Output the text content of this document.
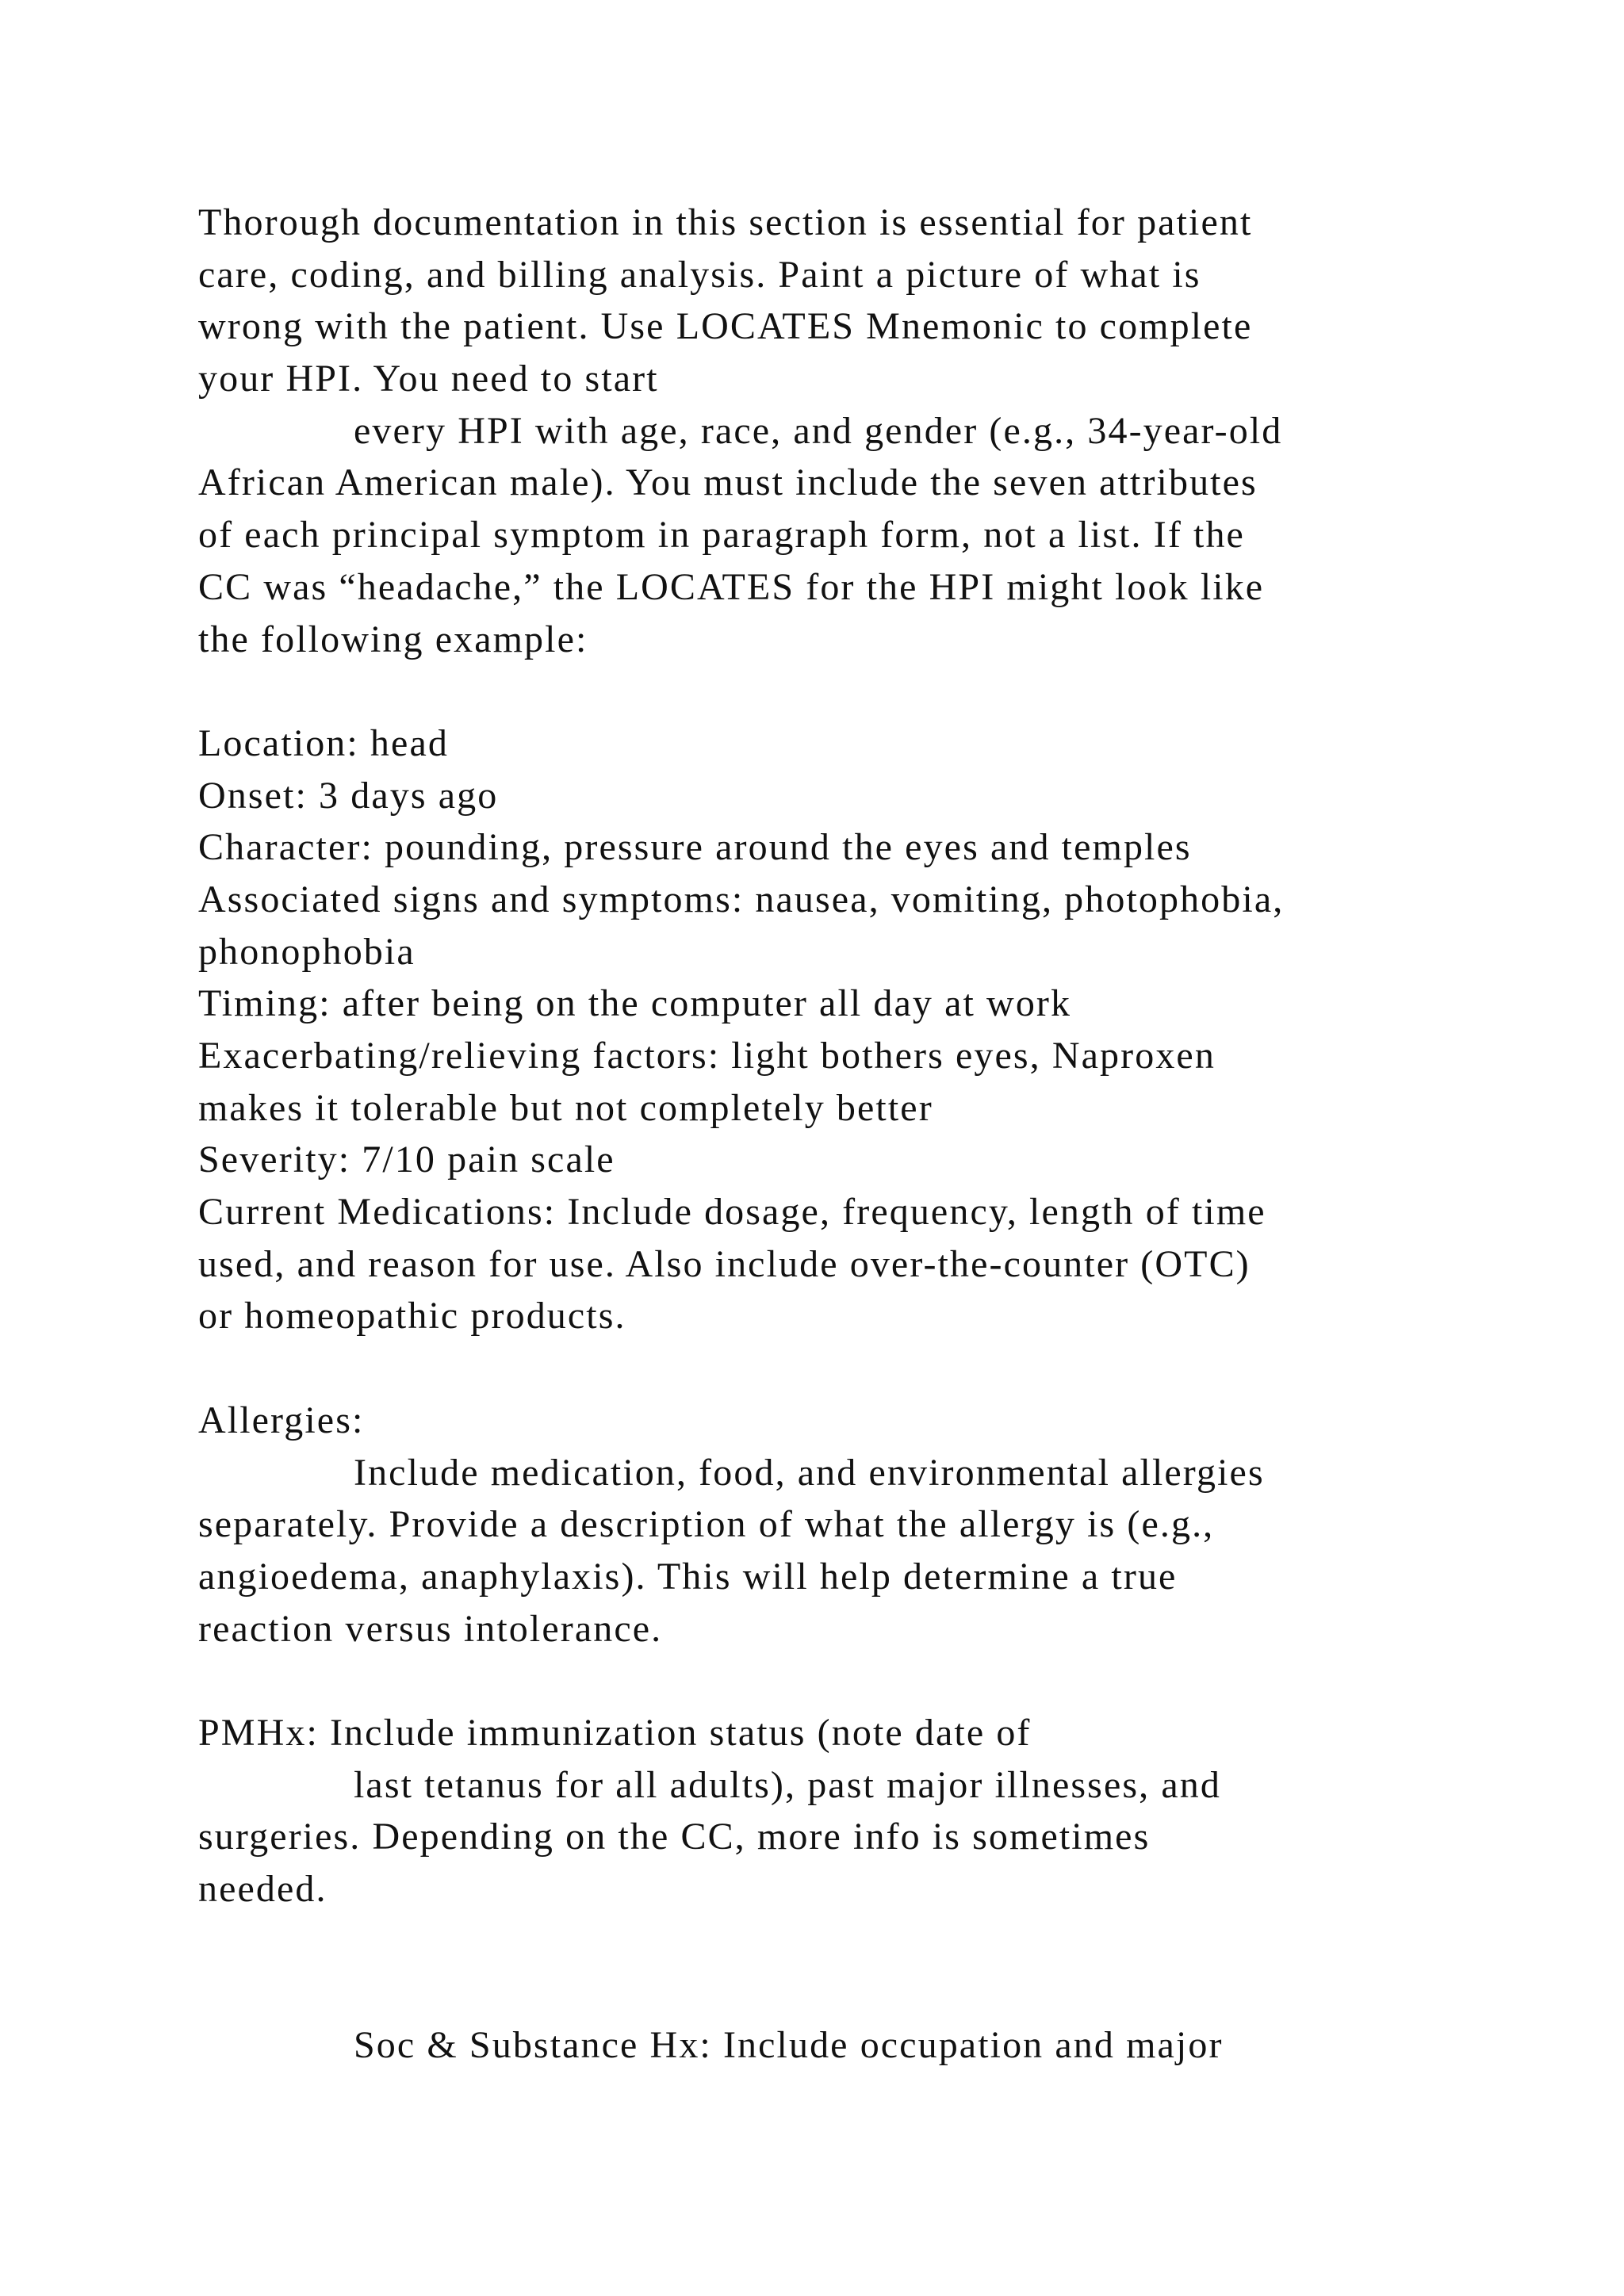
Thorough documentation in this section is essential for patient
care, coding, and billing analysis. Paint a picture of what is
wrong with the patient. Use LOCATES Mnemonic to complete
your HPI. You need to start
every HPI with age, race, and gender (e.g., 34-year-old
African American male). You must include the seven attributes
of each principal symptom in paragraph form, not a list. If the
CC was “headache,” the LOCATES for the HPI might look like
the following example:
Location: head
Onset: 3 days ago
Character: pounding, pressure around the eyes and temples
Associated signs and symptoms: nausea, vomiting, photophobia,
phonophobia
Timing: after being on the computer all day at work
Exacerbating/relieving factors: light bothers eyes, Naproxen
makes it tolerable but not completely better
Severity: 7/10 pain scale
Current Medications: Include dosage, frequency, length of time
used, and reason for use. Also include over-the-counter (OTC)
or homeopathic products.
Allergies:
Include medication, food, and environmental allergies
separately. Provide a description of what the allergy is (e.g.,
angioedema, anaphylaxis). This will help determine a true
reaction versus intolerance.
PMHx: Include immunization status (note date of
last tetanus for all adults), past major illnesses, and
surgeries. Depending on the CC, more info is sometimes
needed.
Soc & Substance Hx: Include occupation and major
